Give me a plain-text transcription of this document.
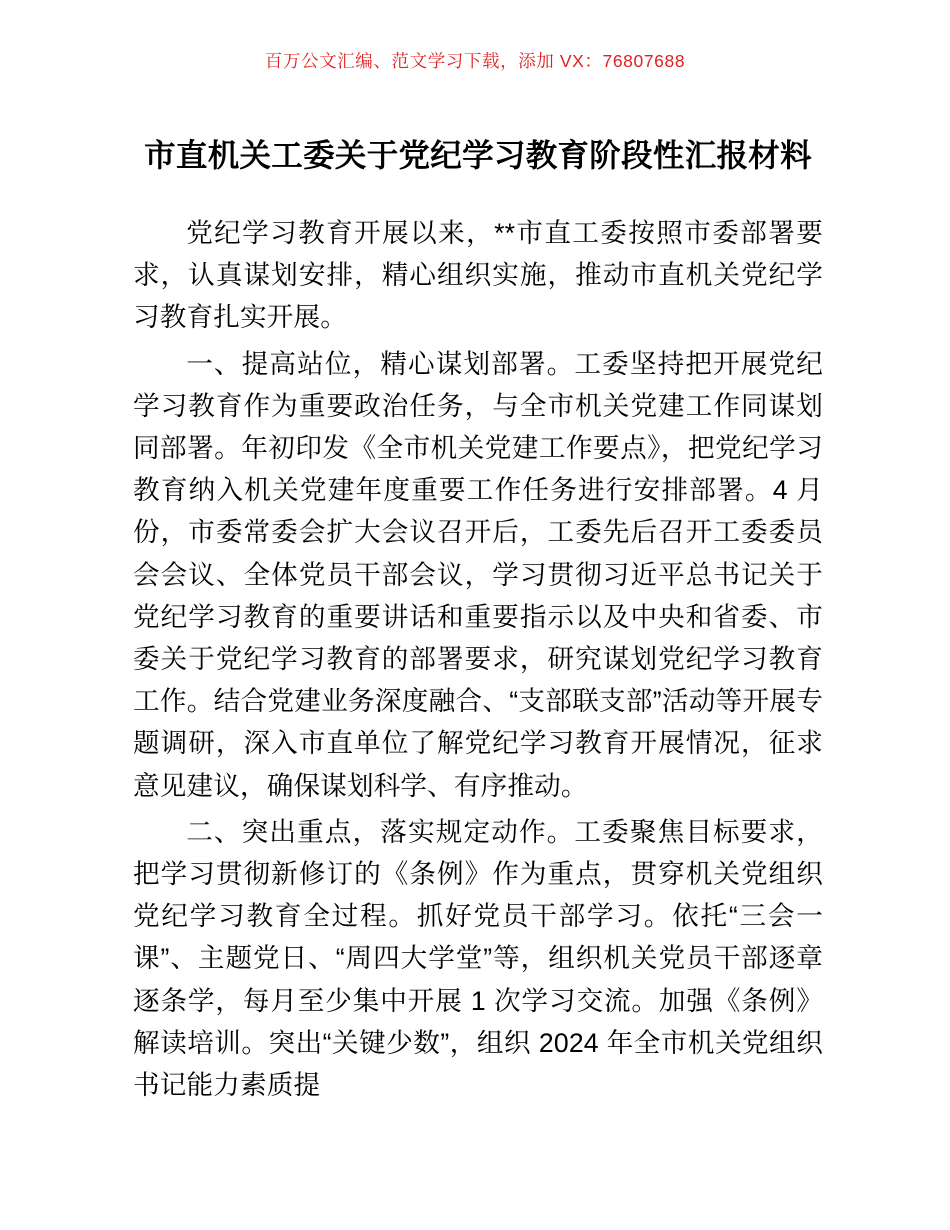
百万公文汇编、范文学习下载，添加 VX：76807688
市直机关工委关于党纪学习教育阶段性汇报材料

党纪学习教育开展以来，**市直工委按照市委部署要求，认真谋划安排，精心组织实施，推动市直机关党纪学习教育扎实开展。

一、提高站位，精心谋划部署。工委坚持把开展党纪学习教育作为重要政治任务，与全市机关党建工作同谋划同部署。年初印发《全市机关党建工作要点》，把党纪学习教育纳入机关党建年度重要工作任务进行安排部署。4 月份，市委常委会扩大会议召开后，工委先后召开工委委员会会议、全体党员干部会议，学习贯彻习近平总书记关于党纪学习教育的重要讲话和重要指示以及中央和省委、市委关于党纪学习教育的部署要求，研究谋划党纪学习教育工作。结合党建业务深度融合、“支部联支部”活动等开展专题调研，深入市直单位了解党纪学习教育开展情况，征求意见建议，确保谋划科学、有序推动。

二、突出重点，落实规定动作。工委聚焦目标要求，把学习贯彻新修订的《条例》作为重点，贯穿机关党组织党纪学习教育全过程。抓好党员干部学习。依托“三会一课”、主题党日、“周四大学堂”等，组织机关党员干部逐章逐条学，每月至少集中开展 1 次学习交流。加强《条例》解读培训。突出“关键少数”，组织 2024 年全市机关党组织书记能力素质提
